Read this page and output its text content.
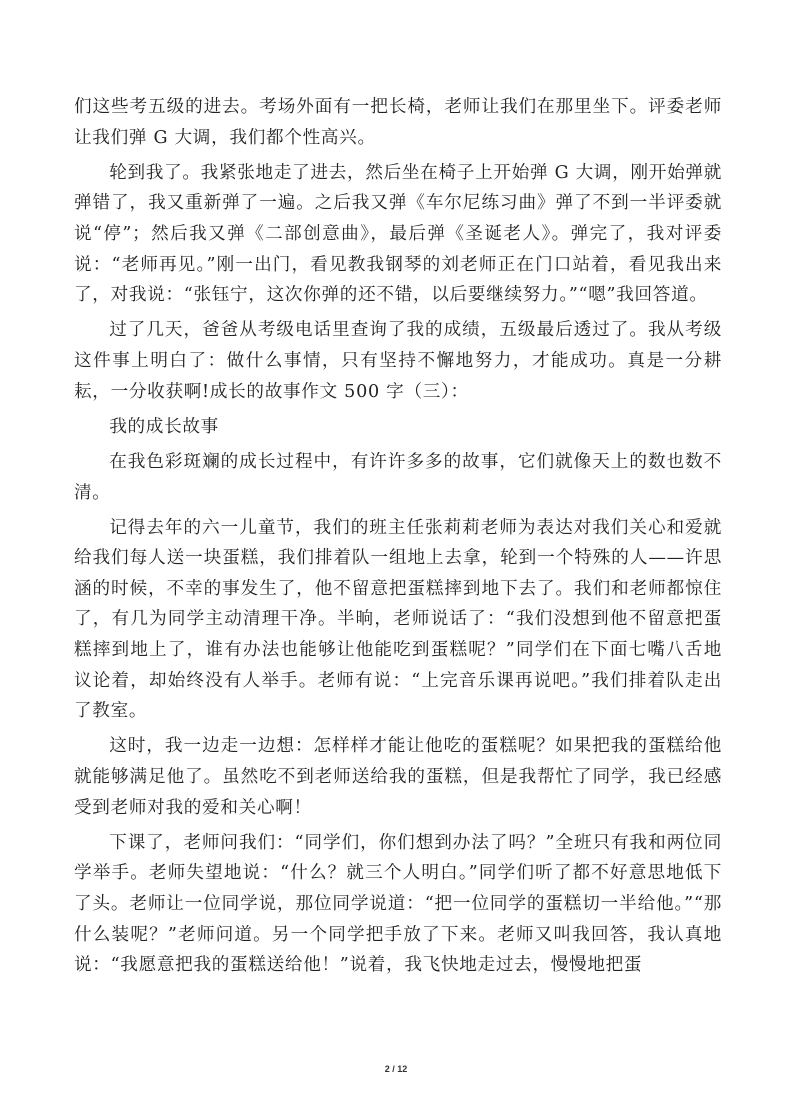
们这些考五级的进去。考场外面有一把长椅，老师让我们在那里坐下。评委老师让我们弹 G 大调，我们都个性高兴。

轮到我了。我紧张地走了进去，然后坐在椅子上开始弹 G 大调，刚开始弹就弹错了，我又重新弹了一遍。之后我又弹《车尔尼练习曲》弹了不到一半评委就说“停”；然后我又弹《二部创意曲》，最后弹《圣诞老人》。弹完了，我对评委说：“老师再见。”刚一出门，看见教我钢琴的刘老师正在门口站着，看见我出来了，对我说：“张钰宁，这次你弹的还不错，以后要继续努力。”“嗯”我回答道。

过了几天，爸爸从考级电话里查询了我的成绩，五级最后透过了。我从考级这件事上明白了：做什么事情，只有坚持不懈地努力，才能成功。真是一分耕耘，一分收获啊!成长的故事作文 500 字（三）：

我的成长故事

在我色彩斑斓的成长过程中，有许许多多的故事，它们就像天上的数也数不清。

记得去年的六一儿童节，我们的班主任张莉莉老师为表达对我们关心和爱就给我们每人送一块蛋糕，我们排着队一组地上去拿，轮到一个特殊的人——许思涵的时候，不幸的事发生了，他不留意把蛋糕摔到地下去了。我们和老师都惊住了，有几为同学主动清理干净。半晌，老师说话了：“我们没想到他不留意把蛋糕摔到地上了，谁有办法也能够让他能吃到蛋糕呢？”同学们在下面七嘴八舌地议论着，却始终没有人举手。老师有说：“上完音乐课再说吧。”我们排着队走出了教室。

这时，我一边走一边想：怎样样才能让他吃的蛋糕呢？如果把我的蛋糕给他就能够满足他了。虽然吃不到老师送给我的蛋糕，但是我帮忙了同学，我已经感受到老师对我的爱和关心啊！

下课了，老师问我们：“同学们，你们想到办法了吗？”全班只有我和两位同学举手。老师失望地说：“什么？就三个人明白。”同学们听了都不好意思地低下了头。老师让一位同学说，那位同学说道：“把一位同学的蛋糕切一半给他。”“那什么装呢？”老师问道。另一个同学把手放了下来。老师又叫我回答，我认真地说：“我愿意把我的蛋糕送给他！”说着，我飞快地走过去，慢慢地把蛋

2 / 12
